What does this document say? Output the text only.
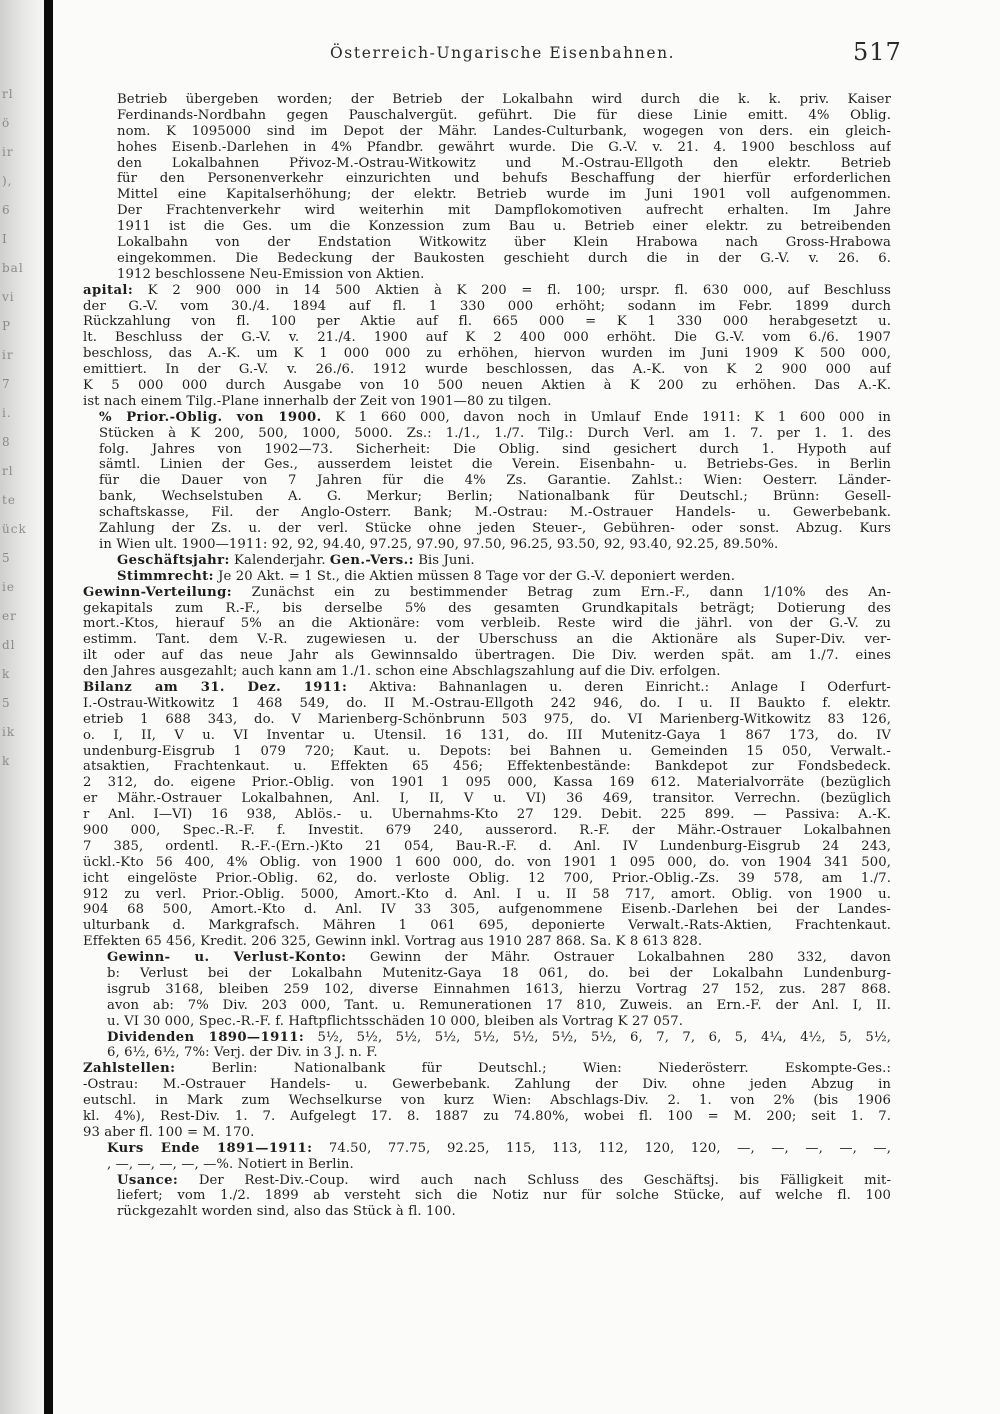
rl
ö
ir
),
6
I
bal
vi
P
ir
7
i.
8
rl
te
ück
5
ie
er
dl
k
5
ik
k
Österreich-Ungarische Eisenbahnen.	517
Betrieb übergeben worden; der Betrieb der Lokalbahn wird durch die k. k. priv. Kaiser
Ferdinands-Nordbahn gegen Pauschalvergüt. geführt. Die für diese Linie emitt. 4% Oblig.
nom. K 1095000 sind im Depot der Mähr. Landes-Culturbank, wogegen von ders. ein gleich-
hohes Eisenb.-Darlehen in 4% Pfandbr. gewährt wurde. Die G.-V. v. 21. 4. 1900 beschloss auf
den Lokalbahnen Přivoz-M.-Ostrau-Witkowitz und M.-Ostrau-Ellgoth den elektr. Betrieb
für den Personenverkehr einzurichten und behufs Beschaffung der hierfür erforderlichen
Mittel eine Kapitalserhöhung; der elektr. Betrieb wurde im Juni 1901 voll aufgenommen.
Der Frachtenverkehr wird weiterhin mit Dampflokomotiven aufrecht erhalten. Im Jahre
1911 ist die Ges. um die Konzession zum Bau u. Betrieb einer elektr. zu betreibenden
Lokalbahn von der Endstation Witkowitz über Klein Hrabowa nach Gross-Hrabowa
eingekommen. Die Bedeckung der Baukosten geschieht durch die in der G.-V. v. 26. 6.
1912 beschlossene Neu-Emission von Aktien.
apital: K 2 900 000 in 14 500 Aktien à K 200 = fl. 100; urspr. fl. 630 000, auf Beschluss
der G.-V. vom 30./4. 1894 auf fl. 1 330 000 erhöht; sodann im Febr. 1899 durch
Rückzahlung von fl. 100 per Aktie auf fl. 665 000 = K 1 330 000 herabgesetzt u.
lt. Beschluss der G.-V. v. 21./4. 1900 auf K 2 400 000 erhöht. Die G.-V. vom 6./6. 1907
beschloss, das A.-K. um K 1 000 000 zu erhöhen, hiervon wurden im Juni 1909 K 500 000,
emittiert. In der G.-V. v. 26./6. 1912 wurde beschlossen, das A.-K. von K 2 900 000 auf
K 5 000 000 durch Ausgabe von 10 500 neuen Aktien à K 200 zu erhöhen. Das A.-K.
ist nach einem Tilg.-Plane innerhalb der Zeit von 1901—80 zu tilgen.
% Prior.-Oblig. von 1900. K 1 660 000, davon noch in Umlauf Ende 1911: K 1 600 000 in
Stücken à K 200, 500, 1000, 5000. Zs.: 1./1., 1./7. Tilg.: Durch Verl. am 1. 7. per 1. 1. des
folg. Jahres von 1902—73. Sicherheit: Die Oblig. sind gesichert durch 1. Hypoth auf
sämtl. Linien der Ges., ausserdem leistet die Verein. Eisenbahn- u. Betriebs-Ges. in Berlin
für die Dauer von 7 Jahren für die 4% Zs. Garantie. Zahlst.: Wien: Oesterr. Länder-
bank, Wechselstuben A. G. Merkur; Berlin; Nationalbank für Deutschl.; Brünn: Gesell-
schaftskasse, Fil. der Anglo-Österr. Bank; M.-Ostrau: M.-Ostrauer Handels- u. Gewerbebank.
Zahlung der Zs. u. der verl. Stücke ohne jeden Steuer-, Gebühren- oder sonst. Abzug. Kurs
in Wien ult. 1900—1911: 92, 92, 94.40, 97.25, 97.90, 97.50, 96.25, 93.50, 92, 93.40, 92.25, 89.50%.
Geschäftsjahr: Kalenderjahr. Gen.-Vers.: Bis Juni.
Stimmrecht: Je 20 Akt. = 1 St., die Aktien müssen 8 Tage vor der G.-V. deponiert werden.
Gewinn-Verteilung: Zunächst ein zu bestimmender Betrag zum Ern.-F., dann 1/10% des An-
gekapitals zum R.-F., bis derselbe 5% des gesamten Grundkapitals beträgt; Dotierung des
mort.-Ktos, hierauf 5% an die Aktionäre: vom verbleib. Reste wird die jährl. von der G.-V. zu
estimm. Tant. dem V.-R. zugewiesen u. der Überschuss an die Aktionäre als Super-Div. ver-
ilt oder auf das neue Jahr als Gewinnsaldo übertragen. Die Div. werden spät. am 1./7. eines
den Jahres ausgezahlt; auch kann am 1./1. schon eine Abschlagszahlung auf die Div. erfolgen.
Bilanz am 31. Dez. 1911: Aktiva: Bahnanlagen u. deren Einricht.: Anlage I Oderfurt-
I.-Ostrau-Witkowitz 1 468 549, do. II M.-Ostrau-Ellgoth 242 946, do. I u. II Baukto f. elektr.
etrieb 1 688 343, do. V Marienberg-Schönbrunn 503 975, do. VI Marienberg-Witkowitz 83 126,
o. I, II, V u. VI Inventar u. Utensil. 16 131, do. III Mutenitz-Gaya 1 867 173, do. IV
undenburg-Eisgrub 1 079 720; Kaut. u. Depots: bei Bahnen u. Gemeinden 15 050, Verwalt.-
atsaktien, Frachtenkaut. u. Effekten 65 456; Effektenbestände: Bankdepot zur Fondsbedeck.
2 312, do. eigene Prior.-Oblig. von 1901 1 095 000, Kassa 169 612. Materialvorräte (bezüglich
er Mähr.-Ostrauer Lokalbahnen, Anl. I, II, V u. VI) 36 469, transitor. Verrechn. (bezüglich
r Anl. I—VI) 16 938, Ablös.- u. Übernahms-Kto 27 129. Debit. 225 899. — Passiva: A.-K.
900 000, Spec.-R.-F. f. Investit. 679 240, ausserord. R.-F. der Mähr.-Ostrauer Lokalbahnen
7 385, ordentl. R.-F.-(Ern.-)Kto 21 054, Bau-R.-F. d. Anl. IV Lundenburg-Eisgrub 24 243,
ückl.-Kto 56 400, 4% Oblig. von 1900 1 600 000, do. von 1901 1 095 000, do. von 1904 341 500,
icht eingelöste Prior.-Oblig. 62, do. verloste Oblig. 12 700, Prior.-Oblig.-Zs. 39 578, am 1./7.
912 zu verl. Prior.-Oblig. 5000, Amort.-Kto d. Anl. I u. II 58 717, amort. Oblig. von 1900 u.
904 68 500, Amort.-Kto d. Anl. IV 33 305, aufgenommene Eisenb.-Darlehen bei der Landes-
ulturbank d. Markgrafsch. Mähren 1 061 695, deponierte Verwalt.-Rats-Aktien, Frachtenkaut.
Effekten 65 456, Kredit. 206 325, Gewinn inkl. Vortrag aus 1910 287 868. Sa. K 8 613 828.
Gewinn- u. Verlust-Konto: Gewinn der Mähr. Ostrauer Lokalbahnen 280 332, davon
b: Verlust bei der Lokalbahn Mutenitz-Gaya 18 061, do. bei der Lokalbahn Lundenburg-
isgrub 3168, bleiben 259 102, diverse Einnahmen 1613, hierzu Vortrag 27 152, zus. 287 868.
avon ab: 7% Div. 203 000, Tant. u. Remunerationen 17 810, Zuweis. an Ern.-F. der Anl. I, II.
u. VI 30 000, Spec.-R.-F. f. Haftpflichtsschäden 10 000, bleiben als Vortrag K 27 057.
Dividenden 1890—1911: 5½, 5½, 5½, 5½, 5½, 5½, 5½, 5½, 6, 7, 7, 6, 5, 4¼, 4½, 5, 5½,
6, 6½, 6½, 7%: Verj. der Div. in 3 J. n. F.
Zahlstellen: Berlin: Nationalbank für Deutschl.; Wien: Niederösterr. Eskompte-Ges.:
-Ostrau: M.-Ostrauer Handels- u. Gewerbebank. Zahlung der Div. ohne jeden Abzug in
eutschl. in Mark zum Wechselkurse von kurz Wien: Abschlags-Div. 2. 1. von 2% (bis 1906
kl. 4%), Rest-Div. 1. 7. Aufgelegt 17. 8. 1887 zu 74.80%, wobei fl. 100 = M. 200; seit 1. 7.
93 aber fl. 100 = M. 170.
Kurs Ende 1891—1911: 74.50, 77.75, 92.25, 115, 113, 112, 120, 120, —, —, —, —, —,
, —, —, —, —, —%. Notiert in Berlin.
Usance: Der Rest-Div.-Coup. wird auch nach Schluss des Geschäftsj. bis Fälligkeit mit-
liefert; vom 1./2. 1899 ab versteht sich die Notiz nur für solche Stücke, auf welche fl. 100
rückgezahlt worden sind, also das Stück à fl. 100.
